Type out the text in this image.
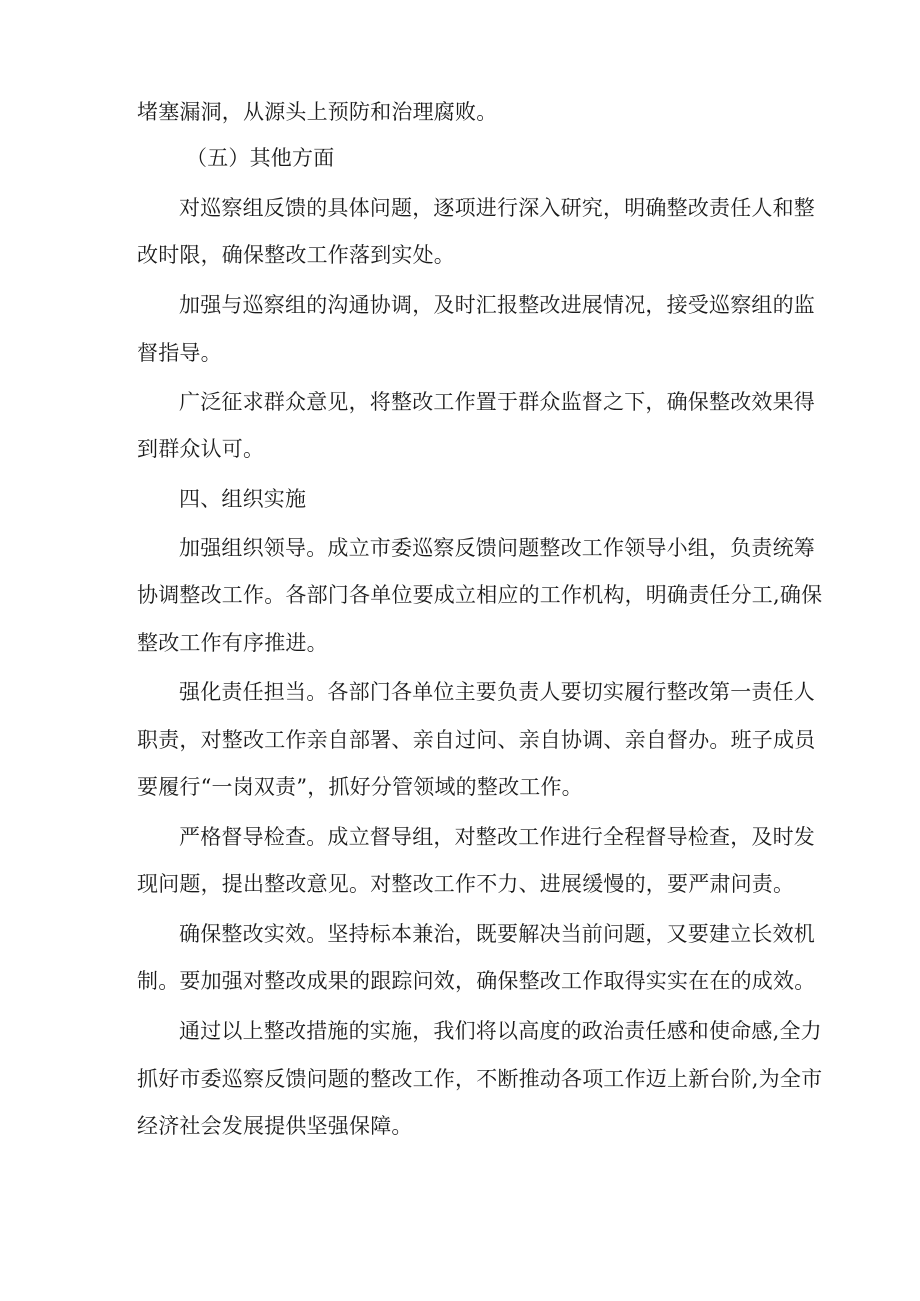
堵塞漏洞，从源头上预防和治理腐败。
（五）其他方面
对巡察组反馈的具体问题，逐项进行深入研究，明确整改责任人和整
改时限，确保整改工作落到实处。
加强与巡察组的沟通协调，及时汇报整改进展情况，接受巡察组的监
督指导。
广泛征求群众意见，将整改工作置于群众监督之下，确保整改效果得
到群众认可。
四、组织实施
加强组织领导。成立市委巡察反馈问题整改工作领导小组，负责统筹
协调整改工作。各部门各单位要成立相应的工作机构，明确责任分工,确保
整改工作有序推进。
强化责任担当。各部门各单位主要负责人要切实履行整改第一责任人
职责，对整改工作亲自部署、亲自过问、亲自协调、亲自督办。班子成员
要履行“一岗双责”，抓好分管领域的整改工作。
严格督导检查。成立督导组，对整改工作进行全程督导检查，及时发
现问题，提出整改意见。对整改工作不力、进展缓慢的，要严肃问责。
确保整改实效。坚持标本兼治，既要解决当前问题，又要建立长效机
制。要加强对整改成果的跟踪问效，确保整改工作取得实实在在的成效。
通过以上整改措施的实施，我们将以高度的政治责任感和使命感,全力
抓好市委巡察反馈问题的整改工作，不断推动各项工作迈上新台阶,为全市
经济社会发展提供坚强保障。
